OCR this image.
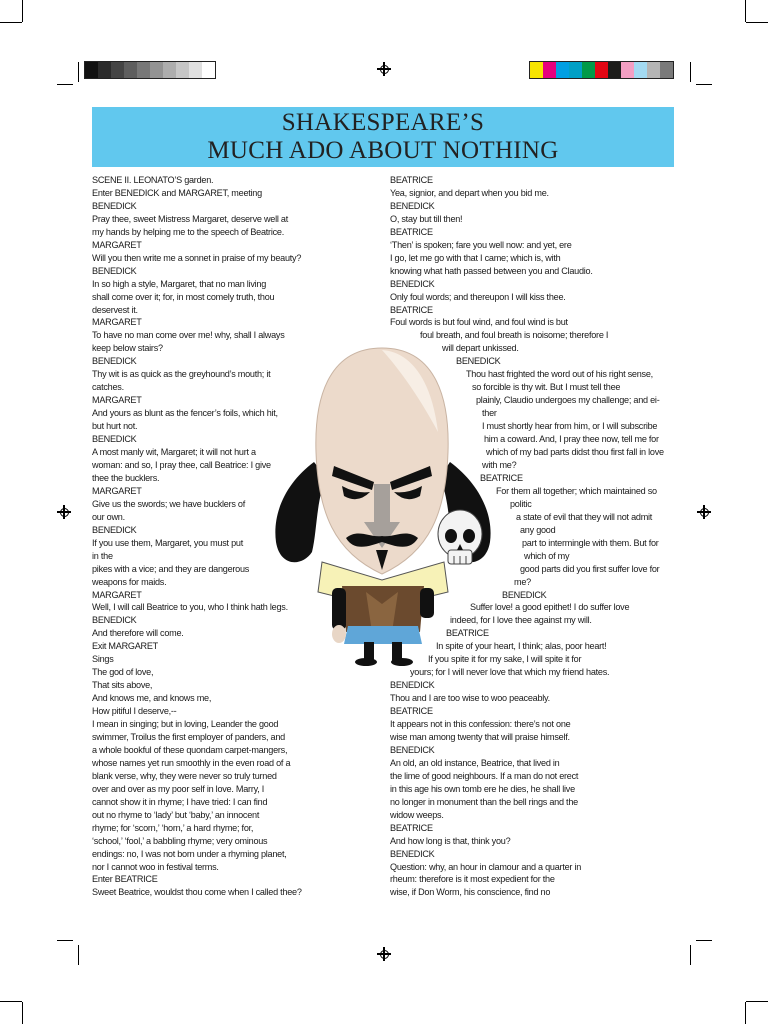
SHAKESPEARE’S
MUCH ADO ABOUT NOTHING
SCENE II. LEONATO’S garden.
Enter BENEDICK and MARGARET, meeting
BENEDICK
Pray thee, sweet Mistress Margaret, deserve well at
my hands by helping me to the speech of Beatrice.
MARGARET
Will you then write me a sonnet in praise of my beauty?
BENEDICK
In so high a style, Margaret, that no man living
shall come over it; for, in most comely truth, thou
deservest it.
MARGARET
To have no man come over me! why, shall I always
keep below stairs?
BENEDICK
Thy wit is as quick as the greyhound’s mouth; it
catches.
MARGARET
And yours as blunt as the fencer’s foils, which hit,
but hurt not.
BENEDICK
A most manly wit, Margaret; it will not hurt a
woman: and so, I pray thee, call Beatrice: I give
thee the bucklers.
MARGARET
Give us the swords; we have bucklers of
our own.
BENEDICK
If you use them, Margaret, you must put
in the
pikes with a vice; and they are dangerous
weapons for maids.
MARGARET
Well, I will call Beatrice to you, who I think hath legs.
BENEDICK
And therefore will come.
Exit MARGARET
Sings
The god of love,
That sits above,
And knows me, and knows me,
How pitiful I deserve,--
I mean in singing; but in loving, Leander the good
swimmer, Troilus the first employer of panders, and
a whole bookful of these quondam carpet-mangers,
whose names yet run smoothly in the even road of a
blank verse, why, they were never so truly turned
over and over as my poor self in love. Marry, I
cannot show it in rhyme; I have tried: I can find
out no rhyme to ‘lady’ but ‘baby,’ an innocent
rhyme; for ‘scorn,’ ‘horn,’ a hard rhyme; for,
‘school,’ ‘fool,’ a babbling rhyme; very ominous
endings: no, I was not born under a rhyming planet,
nor I cannot woo in festival terms.
Enter BEATRICE
Sweet Beatrice, wouldst thou come when I called thee?
BEATRICE
Yea, signior, and depart when you bid me.
BENEDICK
O, stay but till then!
BEATRICE
‘Then’ is spoken; fare you well now: and yet, ere
I go, let me go with that I came; which is, with
knowing what hath passed between you and Claudio.
BENEDICK
Only foul words; and thereupon I will kiss thee.
BEATRICE
Foul words is but foul wind, and foul wind is but
foul breath, and foul breath is noisome; therefore I
will depart unkissed.
BENEDICK
Thou hast frighted the word out of his right sense,
so forcible is thy wit. But I must tell thee
plainly, Claudio undergoes my challenge; and ei-
ther
I must shortly hear from him, or I will subscribe
him a coward. And, I pray thee now, tell me for
which of my bad parts didst thou first fall in love
with me?
BEATRICE
For them all together; which maintained so
politic
a state of evil that they will not admit
any good
part to intermingle with them. But for
which of my
good parts did you first suffer love for
me?
BENEDICK
Suffer love! a good epithet! I do suffer love
indeed, for I love thee against my will.
BEATRICE
In spite of your heart, I think; alas, poor heart!
If you spite it for my sake, I will spite it for
yours; for I will never love that which my friend hates.
BENEDICK
Thou and I are too wise to woo peaceably.
BEATRICE
It appears not in this confession: there’s not one
wise man among twenty that will praise himself.
BENEDICK
An old, an old instance, Beatrice, that lived in
the lime of good neighbours. If a man do not erect
in this age his own tomb ere he dies, he shall live
no longer in monument than the bell rings and the
widow weeps.
BEATRICE
And how long is that, think you?
BENEDICK
Question: why, an hour in clamour and a quarter in
rheum: therefore is it most expedient for the
wise, if Don Worm, his conscience, find no
